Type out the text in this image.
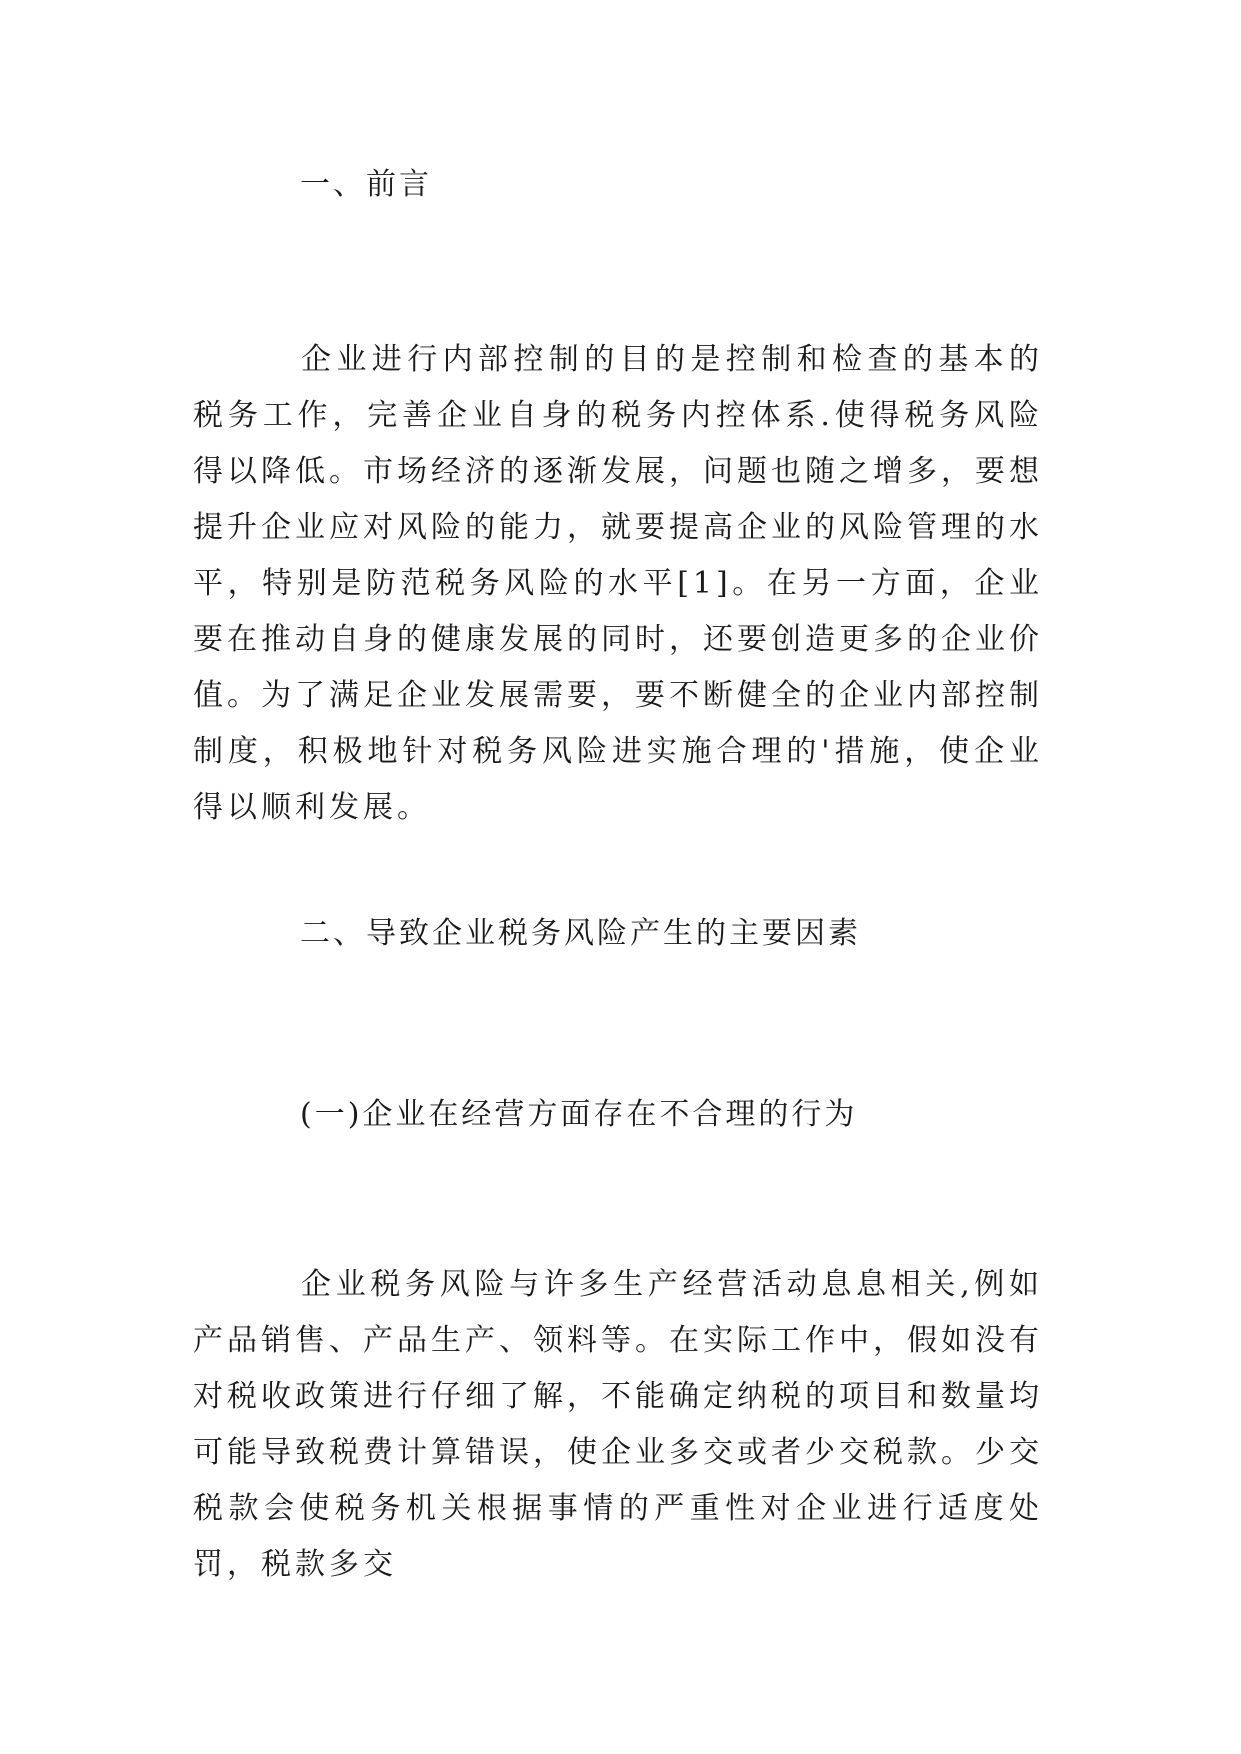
一、前言

企业进行内部控制的目的是控制和检查的基本的税务工作，完善企业自身的税务内控体系.使得税务风险得以降低。市场经济的逐渐发展，问题也随之增多，要想提升企业应对风险的能力，就要提高企业的风险管理的水平，特别是防范税务风险的水平[1]。在另一方面，企业要在推动自身的健康发展的同时，还要创造更多的企业价值。为了满足企业发展需要，要不断健全的企业内部控制制度，积极地针对税务风险进实施合理的'措施，使企业得以顺利发展。

二、导致企业税务风险产生的主要因素
(一)企业在经营方面存在不合理的行为

企业税务风险与许多生产经营活动息息相关,例如产品销售、产品生产、领料等。在实际工作中，假如没有对税收政策进行仔细了解，不能确定纳税的项目和数量均可能导致税费计算错误，使企业多交或者少交税款。少交税款会使税务机关根据事情的严重性对企业进行适度处罚，税款多交
